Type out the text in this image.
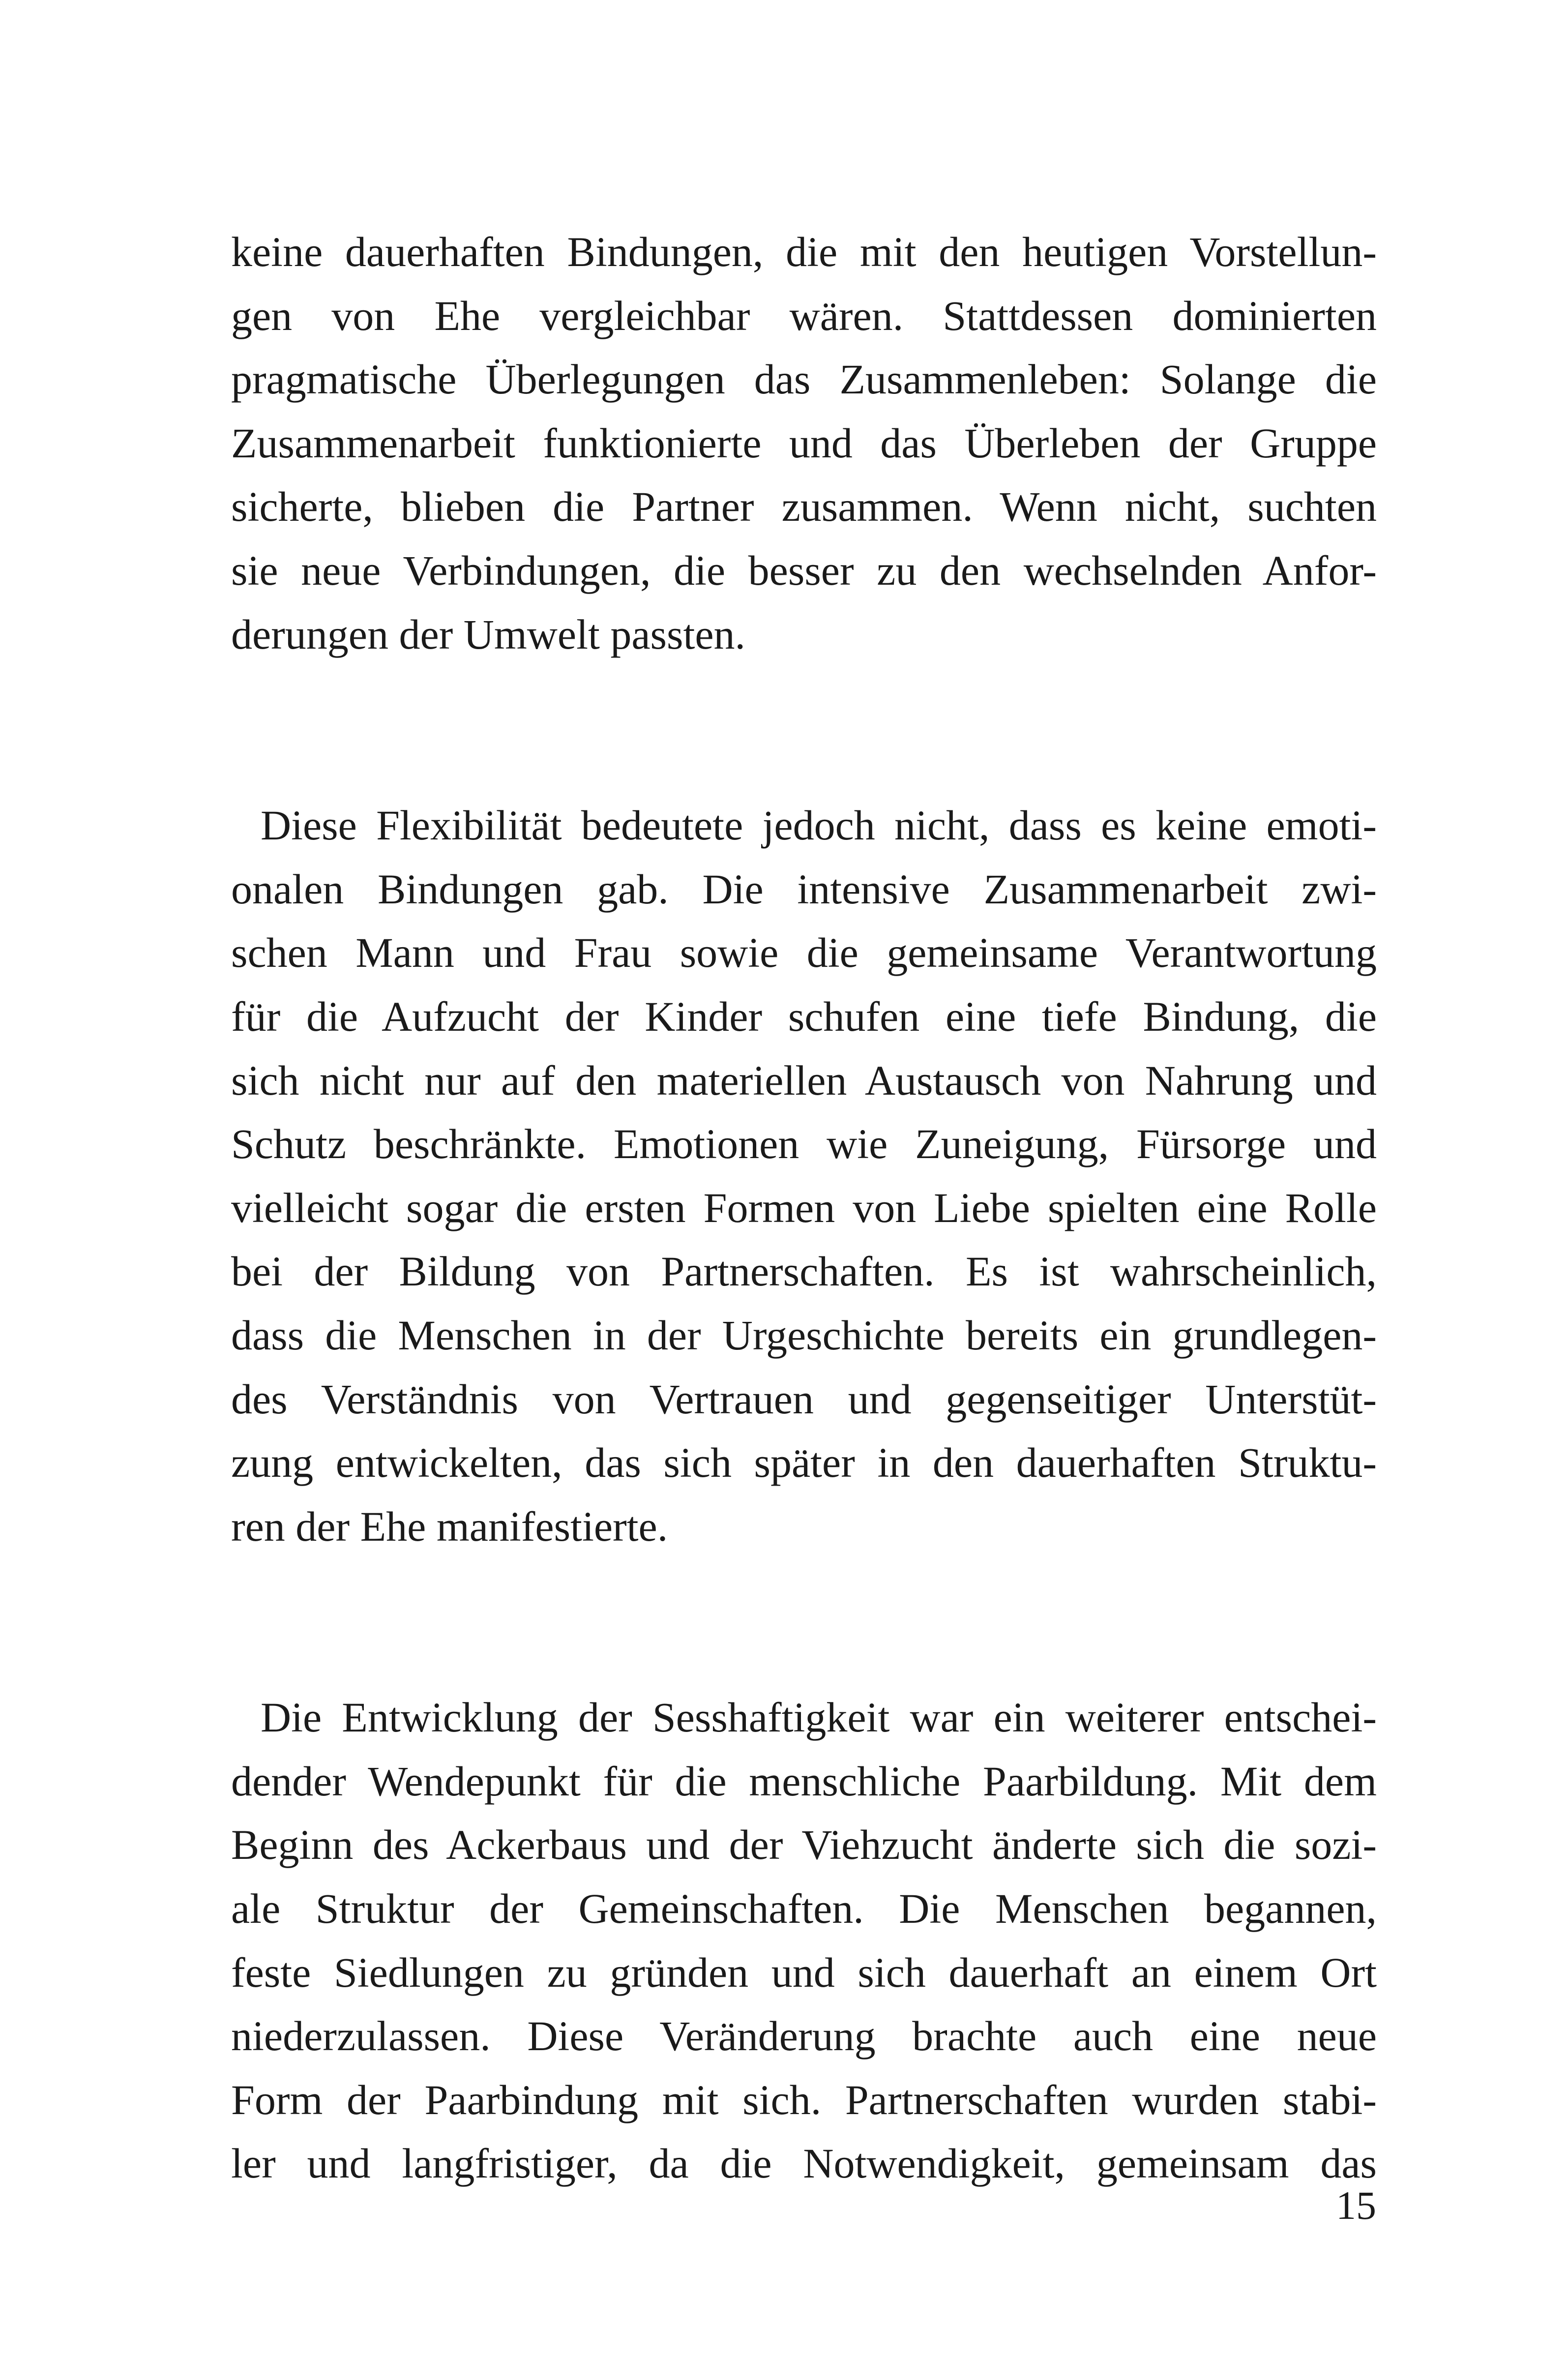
keine dauerhaften Bindungen, die mit den heutigen Vorstellun-
gen von Ehe vergleichbar wären. Stattdessen dominierten
pragmatische Überlegungen das Zusammenleben: Solange die
Zusammenarbeit funktionierte und das Überleben der Gruppe
sicherte, blieben die Partner zusammen. Wenn nicht, suchten
sie neue Verbindungen, die besser zu den wechselnden Anfor-
derungen der Umwelt passten.
Diese Flexibilität bedeutete jedoch nicht, dass es keine emoti-
onalen Bindungen gab. Die intensive Zusammenarbeit zwi-
schen Mann und Frau sowie die gemeinsame Verantwortung
für die Aufzucht der Kinder schufen eine tiefe Bindung, die
sich nicht nur auf den materiellen Austausch von Nahrung und
Schutz beschränkte. Emotionen wie Zuneigung, Fürsorge und
vielleicht sogar die ersten Formen von Liebe spielten eine Rolle
bei der Bildung von Partnerschaften. Es ist wahrscheinlich,
dass die Menschen in der Urgeschichte bereits ein grundlegen-
des Verständnis von Vertrauen und gegenseitiger Unterstüt-
zung entwickelten, das sich später in den dauerhaften Struktu-
ren der Ehe manifestierte.
Die Entwicklung der Sesshaftigkeit war ein weiterer entschei-
dender Wendepunkt für die menschliche Paarbildung. Mit dem
Beginn des Ackerbaus und der Viehzucht änderte sich die sozi-
ale Struktur der Gemeinschaften. Die Menschen begannen,
feste Siedlungen zu gründen und sich dauerhaft an einem Ort
niederzulassen. Diese Veränderung brachte auch eine neue
Form der Paarbindung mit sich. Partnerschaften wurden stabi-
ler und langfristiger, da die Notwendigkeit, gemeinsam das
15
